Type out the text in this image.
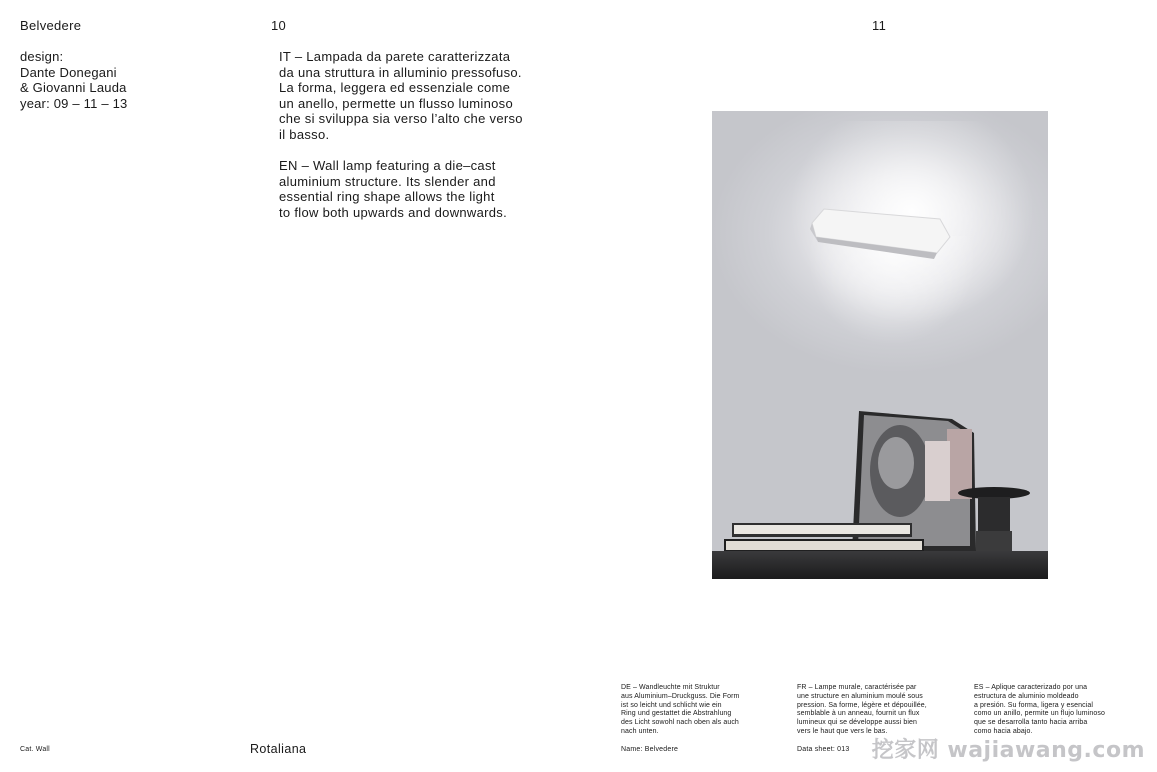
Belvedere	10	11
design:
Dante Donegani
& Giovanni Lauda
year: 09 – 11 – 13
IT – Lampada da parete caratterizzata
da una struttura in alluminio pressofuso.
La forma, leggera ed essenziale come
un anello, permette un flusso luminoso
che si sviluppa sia verso l’alto che verso
il basso.
EN – Wall lamp featuring a die–cast
aluminium structure. Its slender and
essential ring shape allows the light
to flow both upwards and downwards.
DE – Wandleuchte mit Struktur
aus Aluminium–Druckguss. Die Form
ist so leicht und schlicht wie ein
Ring und gestattet die Abstrahlung
des Licht sowohl nach oben als auch
nach unten.
FR – Lampe murale, caractérisée par
une structure en aluminium moulé sous
pression. Sa forme, légère et dépouillée,
semblable à un anneau, fournit un flux
lumineux qui se développe aussi bien
vers le haut que vers le bas.
ES – Aplique caracterizado por una
estructura de aluminio moldeado
a presión. Su forma, ligera y esencial
como un anillo, permite un flujo luminoso
que se desarrolla tanto hacia arriba
como hacia abajo.
Cat. Wall	Rotaliana	Name: Belvedere	Data sheet: 013 挖家网 wajiawang.com
